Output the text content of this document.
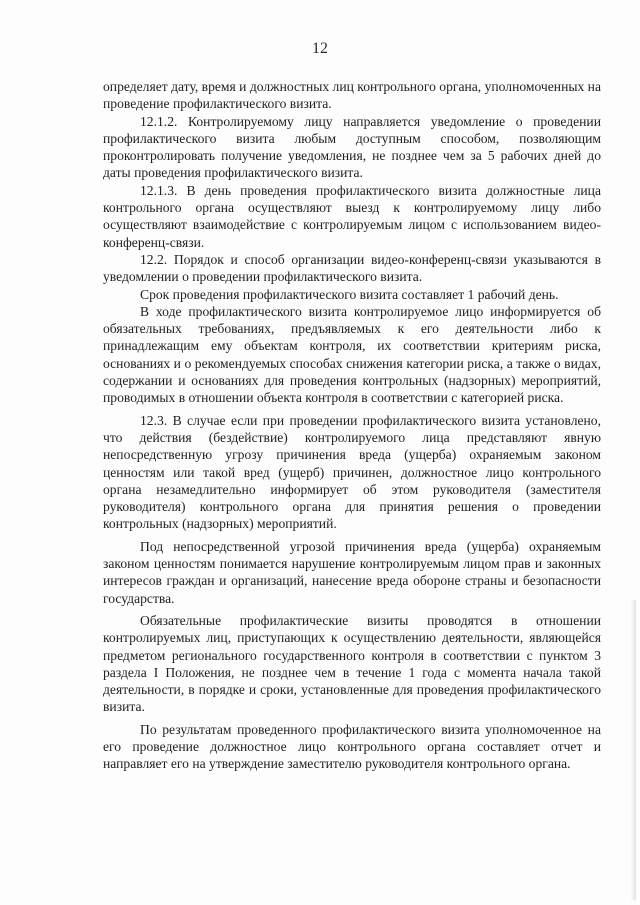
12

определяет дату, время и должностных лиц контрольного органа, уполномоченных на проведение профилактического визита.

12.1.2. Контролируемому лицу направляется уведомление о проведении профилактического визита любым доступным способом, позволяющим проконтролировать получение уведомления, не позднее чем за 5 рабочих дней до даты проведения профилактического визита.

12.1.3. В день проведения профилактического визита должностные лица контрольного органа осуществляют выезд к контролируемому лицу либо осуществляют взаимодействие с контролируемым лицом с использованием видео-конференц-связи.

12.2. Порядок и способ организации видео-конференц-связи указываются в уведомлении о проведении профилактического визита.

Срок проведения профилактического визита составляет 1 рабочий день.

В ходе профилактического визита контролируемое лицо информируется об обязательных требованиях, предъявляемых к его деятельности либо к принадлежащим ему объектам контроля, их соответствии критериям риска, основаниях и о рекомендуемых способах снижения категории риска, а также о видах, содержании и основаниях для проведения контрольных (надзорных) мероприятий, проводимых в отношении объекта контроля в соответствии с категорией риска.

12.3. В случае если при проведении профилактического визита установлено, что действия (бездействие) контролируемого лица представляют явную непосредственную угрозу причинения вреда (ущерба) охраняемым законом ценностям или такой вред (ущерб) причинен, должностное лицо контрольного органа незамедлительно информирует об этом руководителя (заместителя руководителя) контрольного органа для принятия решения о проведении контрольных (надзорных) мероприятий.

Под непосредственной угрозой причинения вреда (ущерба) охраняемым законом ценностям понимается нарушение контролируемым лицом прав и законных интересов граждан и организаций, нанесение вреда обороне страны и безопасности государства.

Обязательные профилактические визиты проводятся в отношении контролируемых лиц, приступающих к осуществлению деятельности, являющейся предметом регионального государственного контроля в соответствии с пунктом 3 раздела I Положения, не позднее чем в течение 1 года с момента начала такой деятельности, в порядке и сроки, установленные для проведения профилактического визита.

По результатам проведенного профилактического визита уполномоченное на его проведение должностное лицо контрольного органа составляет отчет и направляет его на утверждение заместителю руководителя контрольного органа.
